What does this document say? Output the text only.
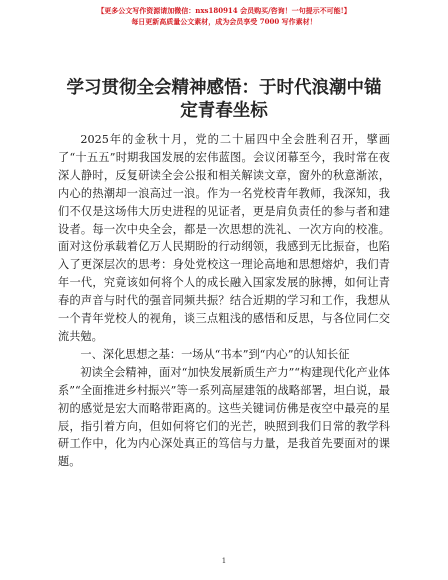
【更多公文写作资源请加微信：nxs180914 会员购买/咨询！一句提示不可能!】
每日更新高质量公文素材，成为会员享受 7000 写作素材！
学习贯彻全会精神感悟：于时代浪潮中锚定青春坐标

2025年的金秋十月，党的二十届四中全会胜利召开，擘画了“十五五”时期我国发展的宏伟蓝图。会议闭幕至今，我时常在夜深人静时，反复研读全会公报和相关解读文章，窗外的秋意渐浓，内心的热潮却一浪高过一浪。作为一名党校青年教师，我深知，我们不仅是这场伟大历史进程的见证者，更是肩负责任的参与者和建设者。每一次中央全会，都是一次思想的洗礼、一次方向的校准。面对这份承载着亿万人民期盼的行动纲领，我感到无比振奋，也陷入了更深层次的思考：身处党校这一理论高地和思想熔炉，我们青年一代，究竟该如何将个人的成长融入国家发展的脉搏，如何让青春的声音与时代的强音同频共振？结合近期的学习和工作，我想从一个青年党校人的视角，谈三点粗浅的感悟和反思，与各位同仁交流共勉。

一、深化思想之基：一场从“书本”到“内心”的认知长征

初读全会精神，面对“加快发展新质生产力”“构建现代化产业体系”“全面推进乡村振兴”等一系列高屋建瓴的战略部署，坦白说，最初的感觉是宏大而略带距离的。这些关键词仿佛是夜空中最亮的星辰，指引着方向，但如何将它们的光芒，映照到我们日常的教学科研工作中，化为内心深处真正的笃信与力量，是我首先要面对的课题。

1
